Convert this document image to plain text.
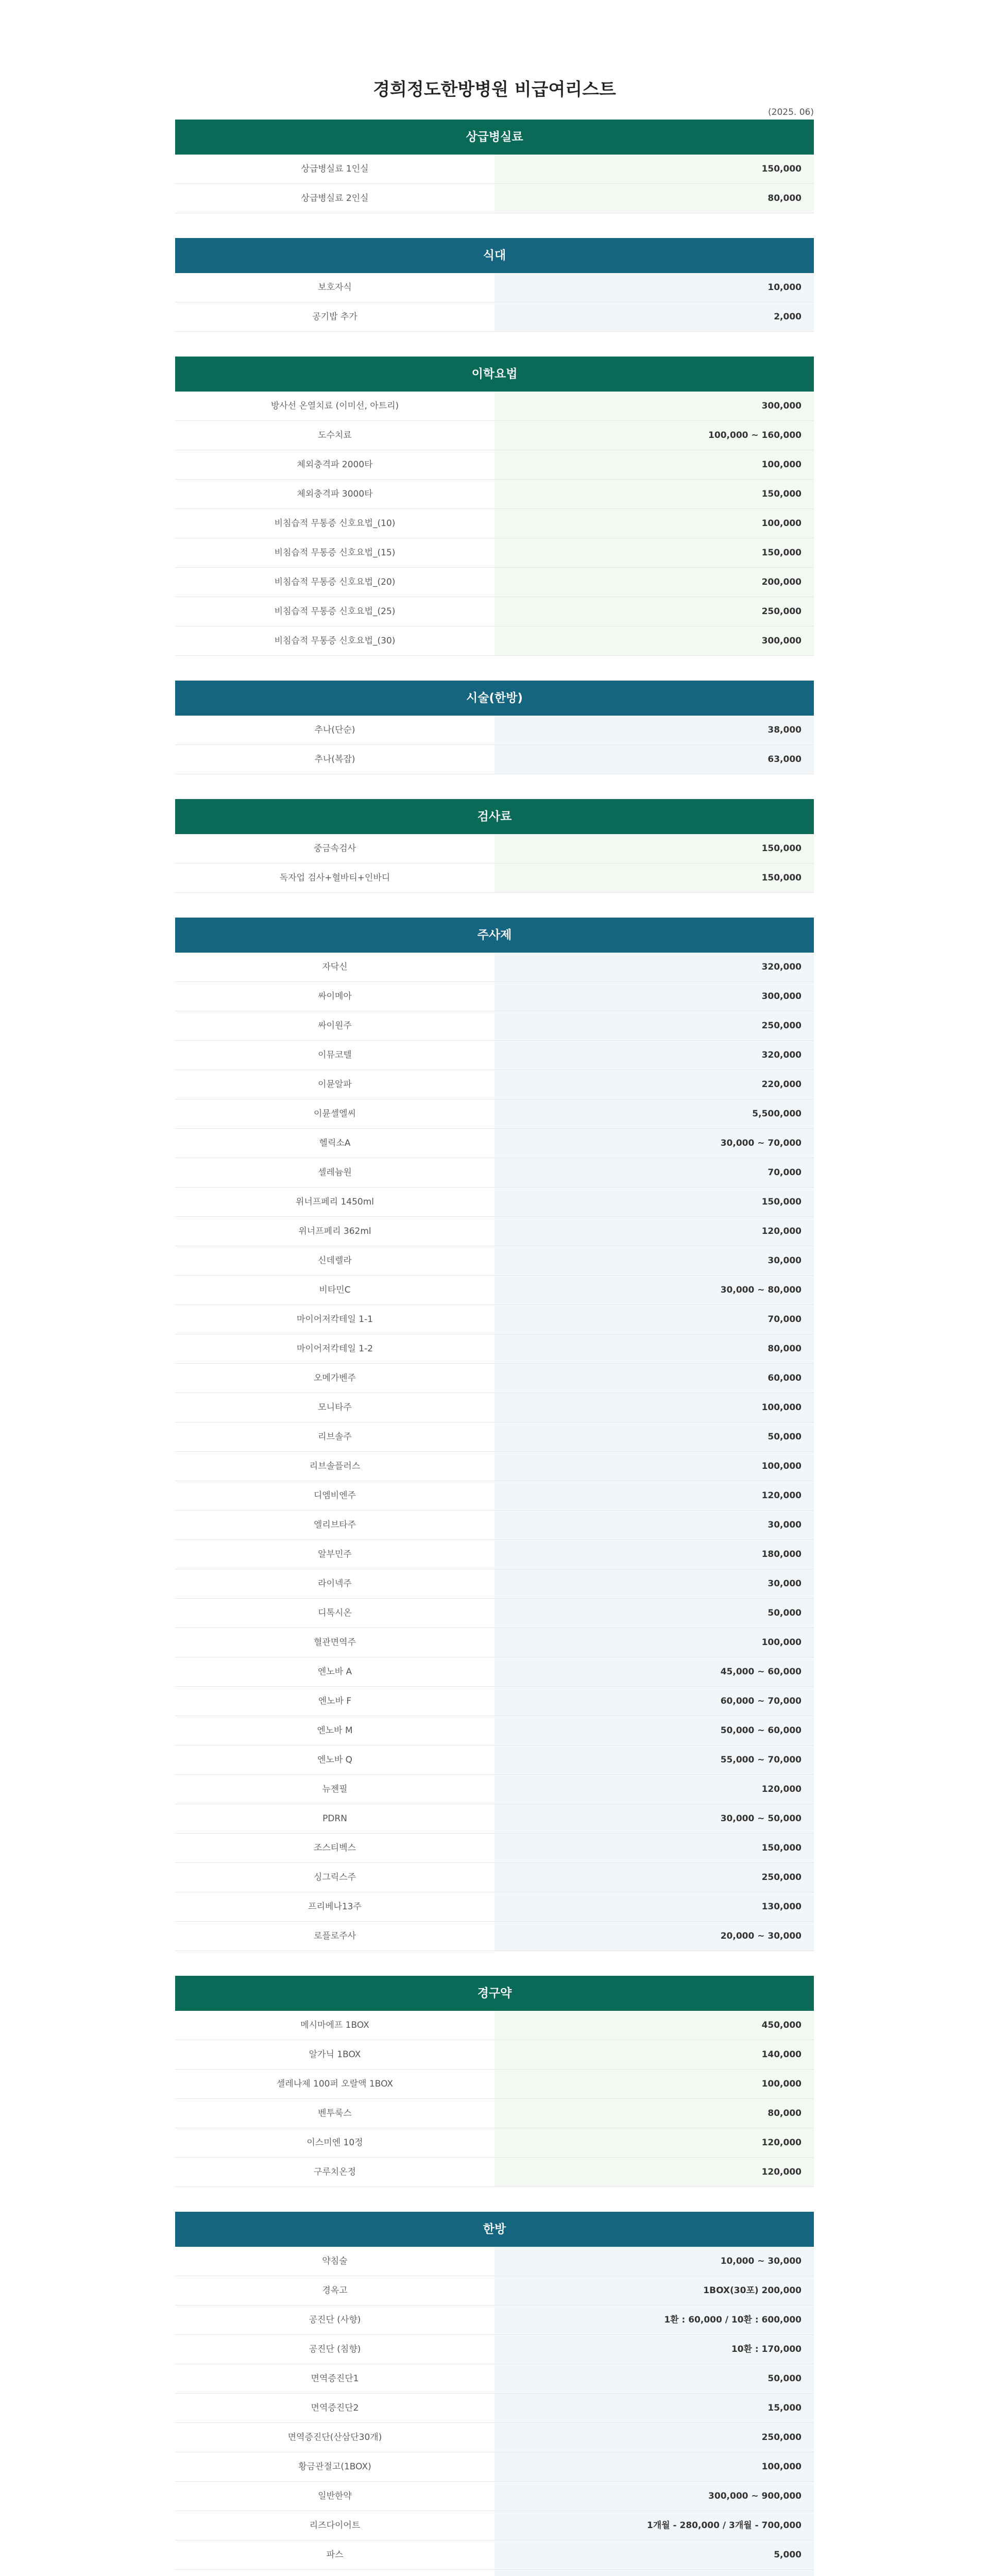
경희정도한방병원 비급여리스트
(2025. 06)
상급병실료
상급병실료 1인실	150,000
상급병실료 2인실	80,000
식대
보호자식	10,000
공기밥 추가	2,000
이학요법
방사선 온열치료 (이미선, 아트리)	300,000
도수치료	100,000 ~ 160,000
체외충격파 2000타	100,000
체외충격파 3000타	150,000
비침습적 무통증 신호요법_(10)	100,000
비침습적 무통증 신호요법_(15)	150,000
비침습적 무통증 신호요법_(20)	200,000
비침습적 무통증 신호요법_(25)	250,000
비침습적 무통증 신호요법_(30)	300,000
시술(한방)
추나(단순)	38,000
추나(복잡)	63,000
검사료
중금속검사	150,000
독자업 검사+혈바티+인바디	150,000
주사제
자닥신	320,000
싸이메아	300,000
싸이원주	250,000
이뮤코텔	320,000
이뮨알파	220,000
이뮨셀엘씨	5,500,000
헬릭소A	30,000 ~ 70,000
셀레늄원	70,000
위너프페리 1450ml	150,000
위너프페리 362ml	120,000
신데렐라	30,000
비타민C	30,000 ~ 80,000
마이어저칵테일 1-1	70,000
마이어저칵테일 1-2	80,000
오메가벤주	60,000
모니타주	100,000
리브솔주	50,000
리브솔플러스	100,000
디엠비엔주	120,000
엘리브타주	30,000
알부민주	180,000
라이넥주	30,000
디톡시온	50,000
혈관면역주	100,000
엔노바 A	45,000 ~ 60,000
엔노바 F	60,000 ~ 70,000
엔노바 M	50,000 ~ 60,000
엔노바 Q	55,000 ~ 70,000
뉴젠필	120,000
PDRN	30,000 ~ 50,000
조스티벡스	150,000
싱그릭스주	250,000
프리베나13주	130,000
로플로주사	20,000 ~ 30,000
경구약
메시마에프 1BOX	450,000
알가닉 1BOX	140,000
셀레나제 100퍼 오랄액 1BOX	100,000
벤투룩스	80,000
이스미엔 10정	120,000
구루치온정	120,000
한방
약침술	10,000 ~ 30,000
경옥고	1BOX(30포) 200,000
공진단 (사향)	1환 : 60,000 / 10환 : 600,000
공진단 (침향)	10환 : 170,000
면역증진단1	50,000
면역증진단2	15,000
면역증진단(산삼단30개)	250,000
황금관절고(1BOX)	100,000
일반한약	300,000 ~ 900,000
리즈다이어트	1개월 - 280,000 / 3개월 - 700,000
파스	5,000
